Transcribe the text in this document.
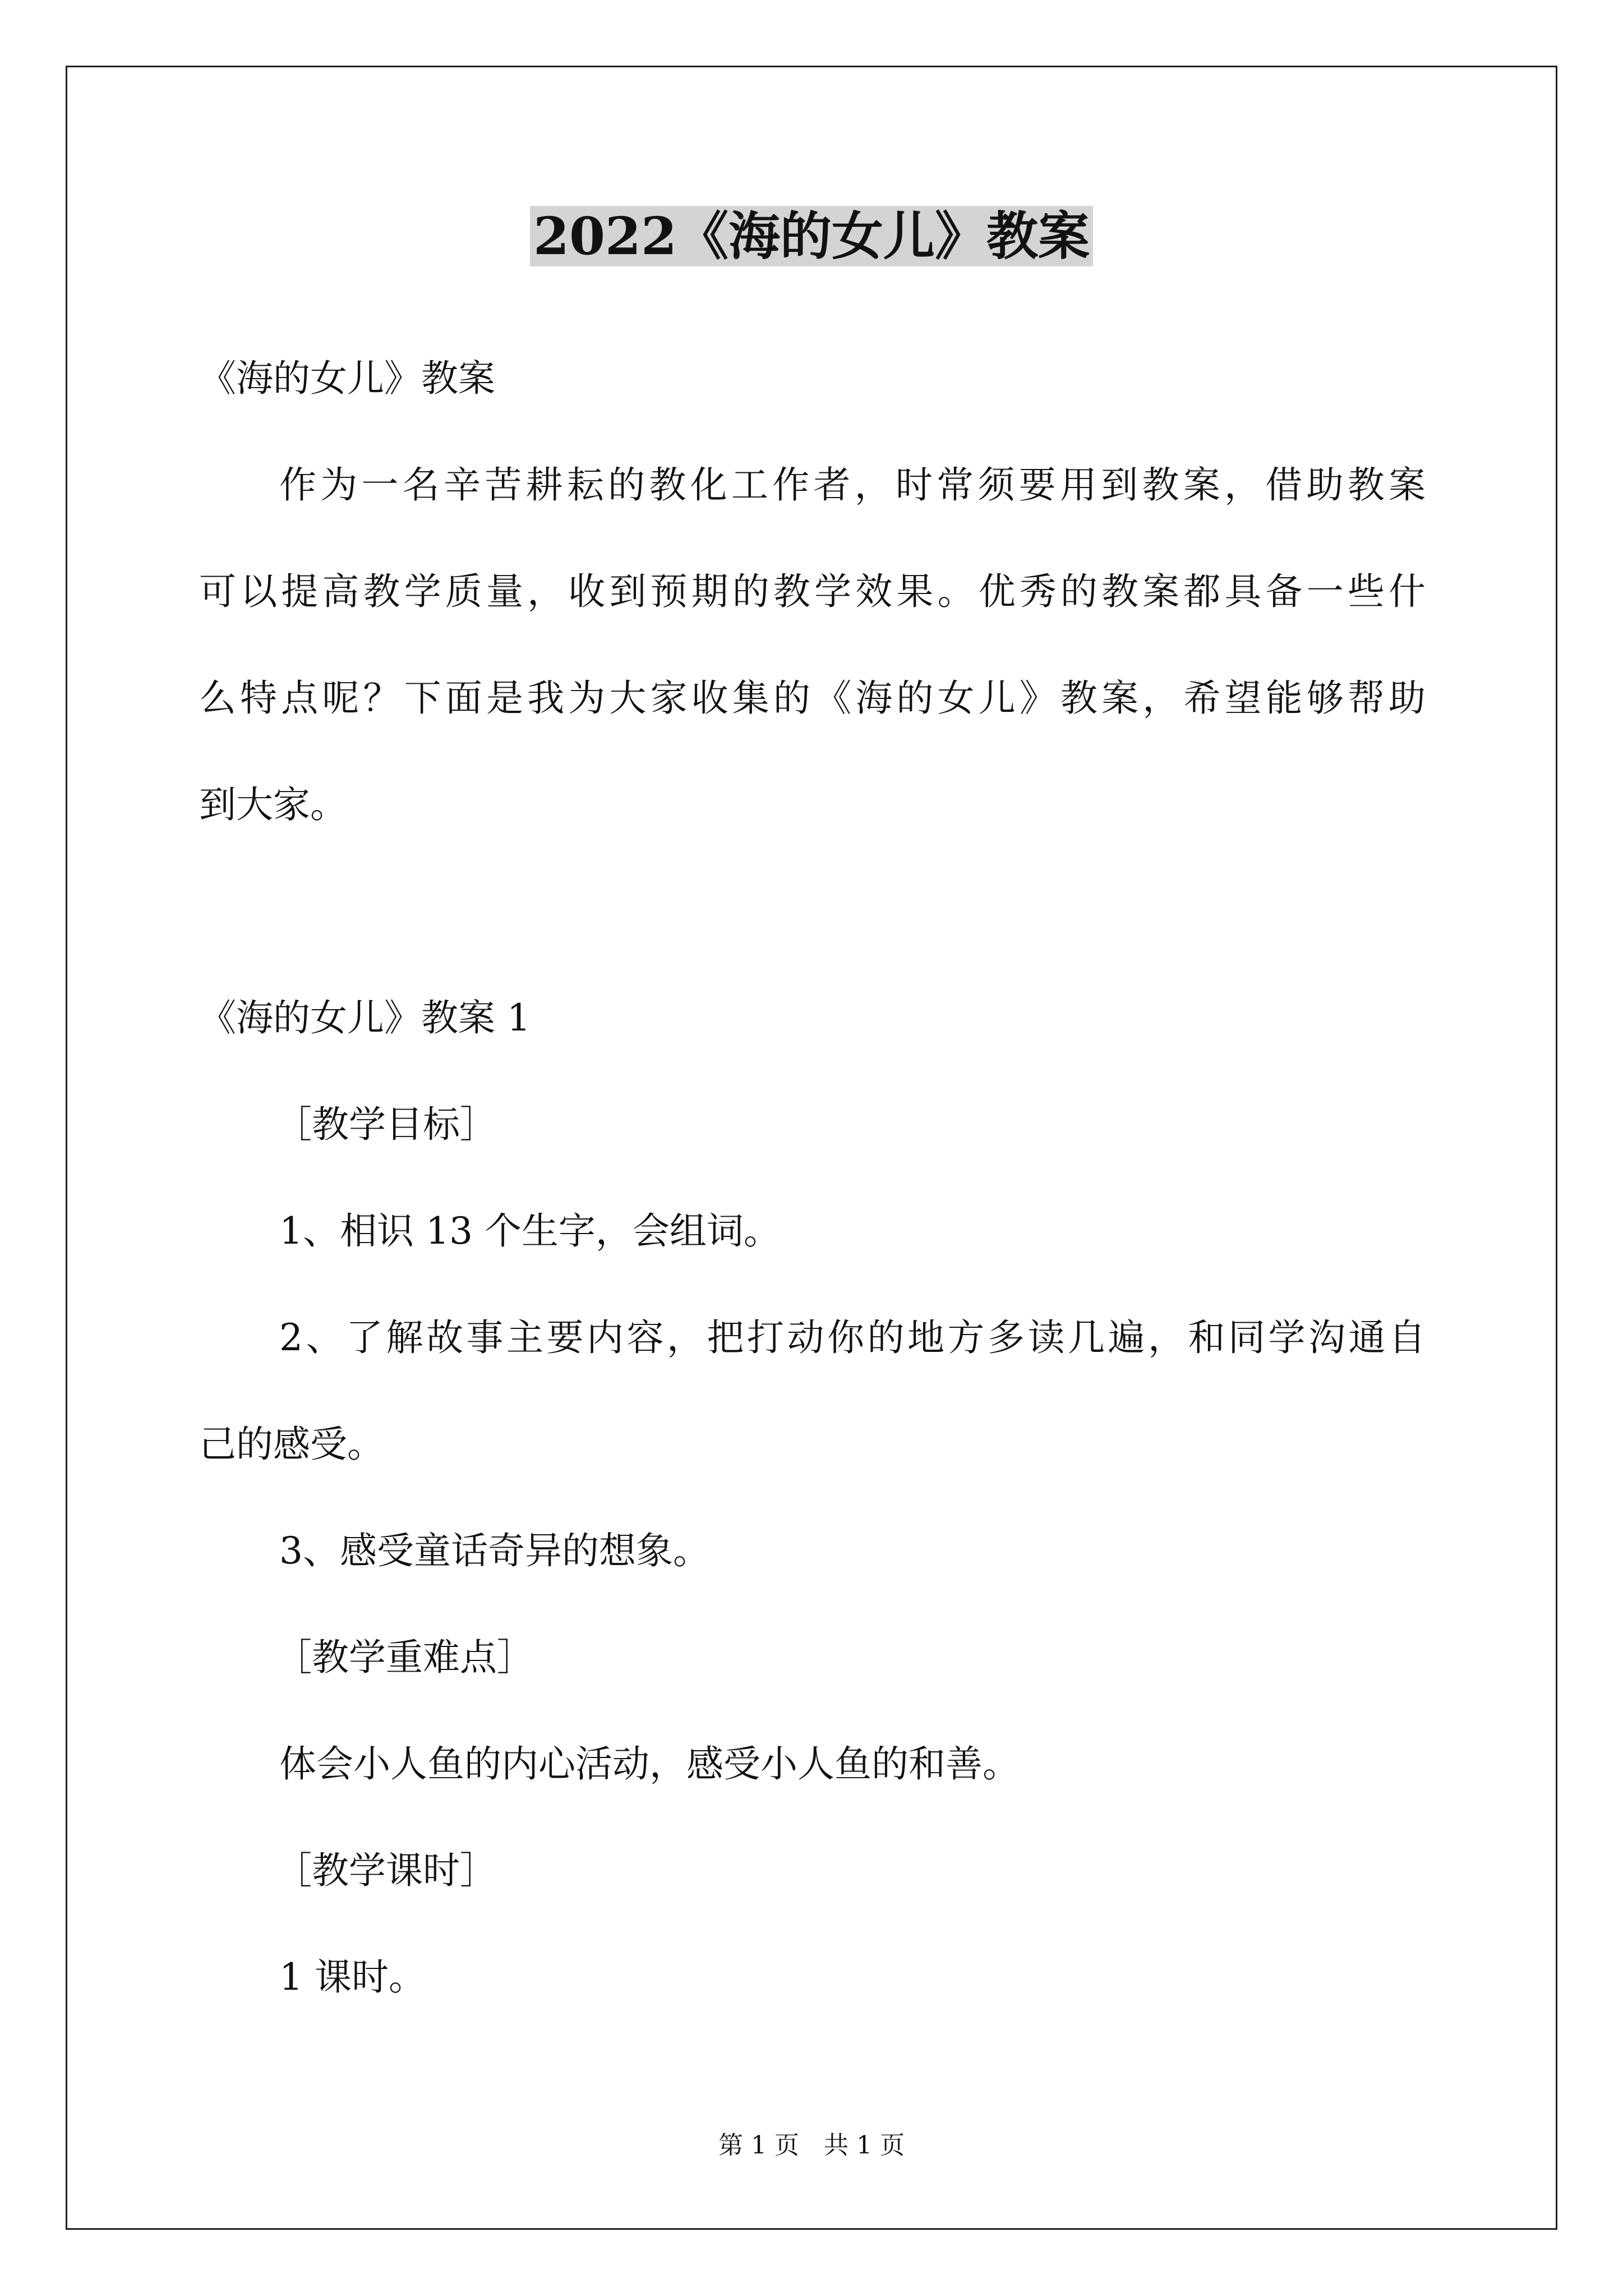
2022《海的女儿》教案

《海的女儿》教案

作为一名辛苦耕耘的教化工作者，时常须要用到教案，借助教案

可以提高教学质量，收到预期的教学效果。优秀的教案都具备一些什

么特点呢？下面是我为大家收集的《海的女儿》教案，希望能够帮助

到大家。

《海的女儿》教案 1

［教学目标］

1、相识 13 个生字，会组词。

2、了解故事主要内容，把打动你的地方多读几遍，和同学沟通自

己的感受。

3、感受童话奇异的想象。

［教学重难点］

体会小人鱼的内心活动，感受小人鱼的和善。

［教学课时］

1 课时。

第 1 页　共 1 页
